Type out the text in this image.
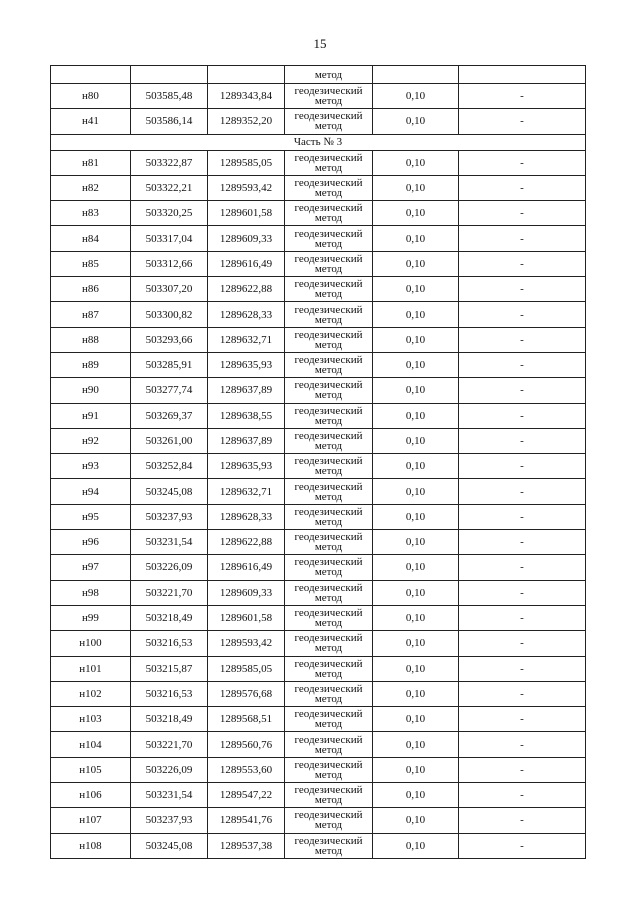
15
			метод		
н80	503585,48	1289343,84	геодезический
метод	0,10	-
н41	503586,14	1289352,20	геодезический
метод	0,10	-
Часть № 3					
н81	503322,87	1289585,05	геодезический
метод	0,10	-
н82	503322,21	1289593,42	геодезический
метод	0,10	-
н83	503320,25	1289601,58	геодезический
метод	0,10	-
н84	503317,04	1289609,33	геодезический
метод	0,10	-
н85	503312,66	1289616,49	геодезический
метод	0,10	-
н86	503307,20	1289622,88	геодезический
метод	0,10	-
н87	503300,82	1289628,33	геодезический
метод	0,10	-
н88	503293,66	1289632,71	геодезический
метод	0,10	-
н89	503285,91	1289635,93	геодезический
метод	0,10	-
н90	503277,74	1289637,89	геодезический
метод	0,10	-
н91	503269,37	1289638,55	геодезический
метод	0,10	-
н92	503261,00	1289637,89	геодезический
метод	0,10	-
н93	503252,84	1289635,93	геодезический
метод	0,10	-
н94	503245,08	1289632,71	геодезический
метод	0,10	-
н95	503237,93	1289628,33	геодезический
метод	0,10	-
н96	503231,54	1289622,88	геодезический
метод	0,10	-
н97	503226,09	1289616,49	геодезический
метод	0,10	-
н98	503221,70	1289609,33	геодезический
метод	0,10	-
н99	503218,49	1289601,58	геодезический
метод	0,10	-
н100	503216,53	1289593,42	геодезический
метод	0,10	-
н101	503215,87	1289585,05	геодезический
метод	0,10	-
н102	503216,53	1289576,68	геодезический
метод	0,10	-
н103	503218,49	1289568,51	геодезический
метод	0,10	-
н104	503221,70	1289560,76	геодезический
метод	0,10	-
н105	503226,09	1289553,60	геодезический
метод	0,10	-
н106	503231,54	1289547,22	геодезический
метод	0,10	-
н107	503237,93	1289541,76	геодезический
метод	0,10	-
н108	503245,08	1289537,38	геодезический
метод	0,10	-
